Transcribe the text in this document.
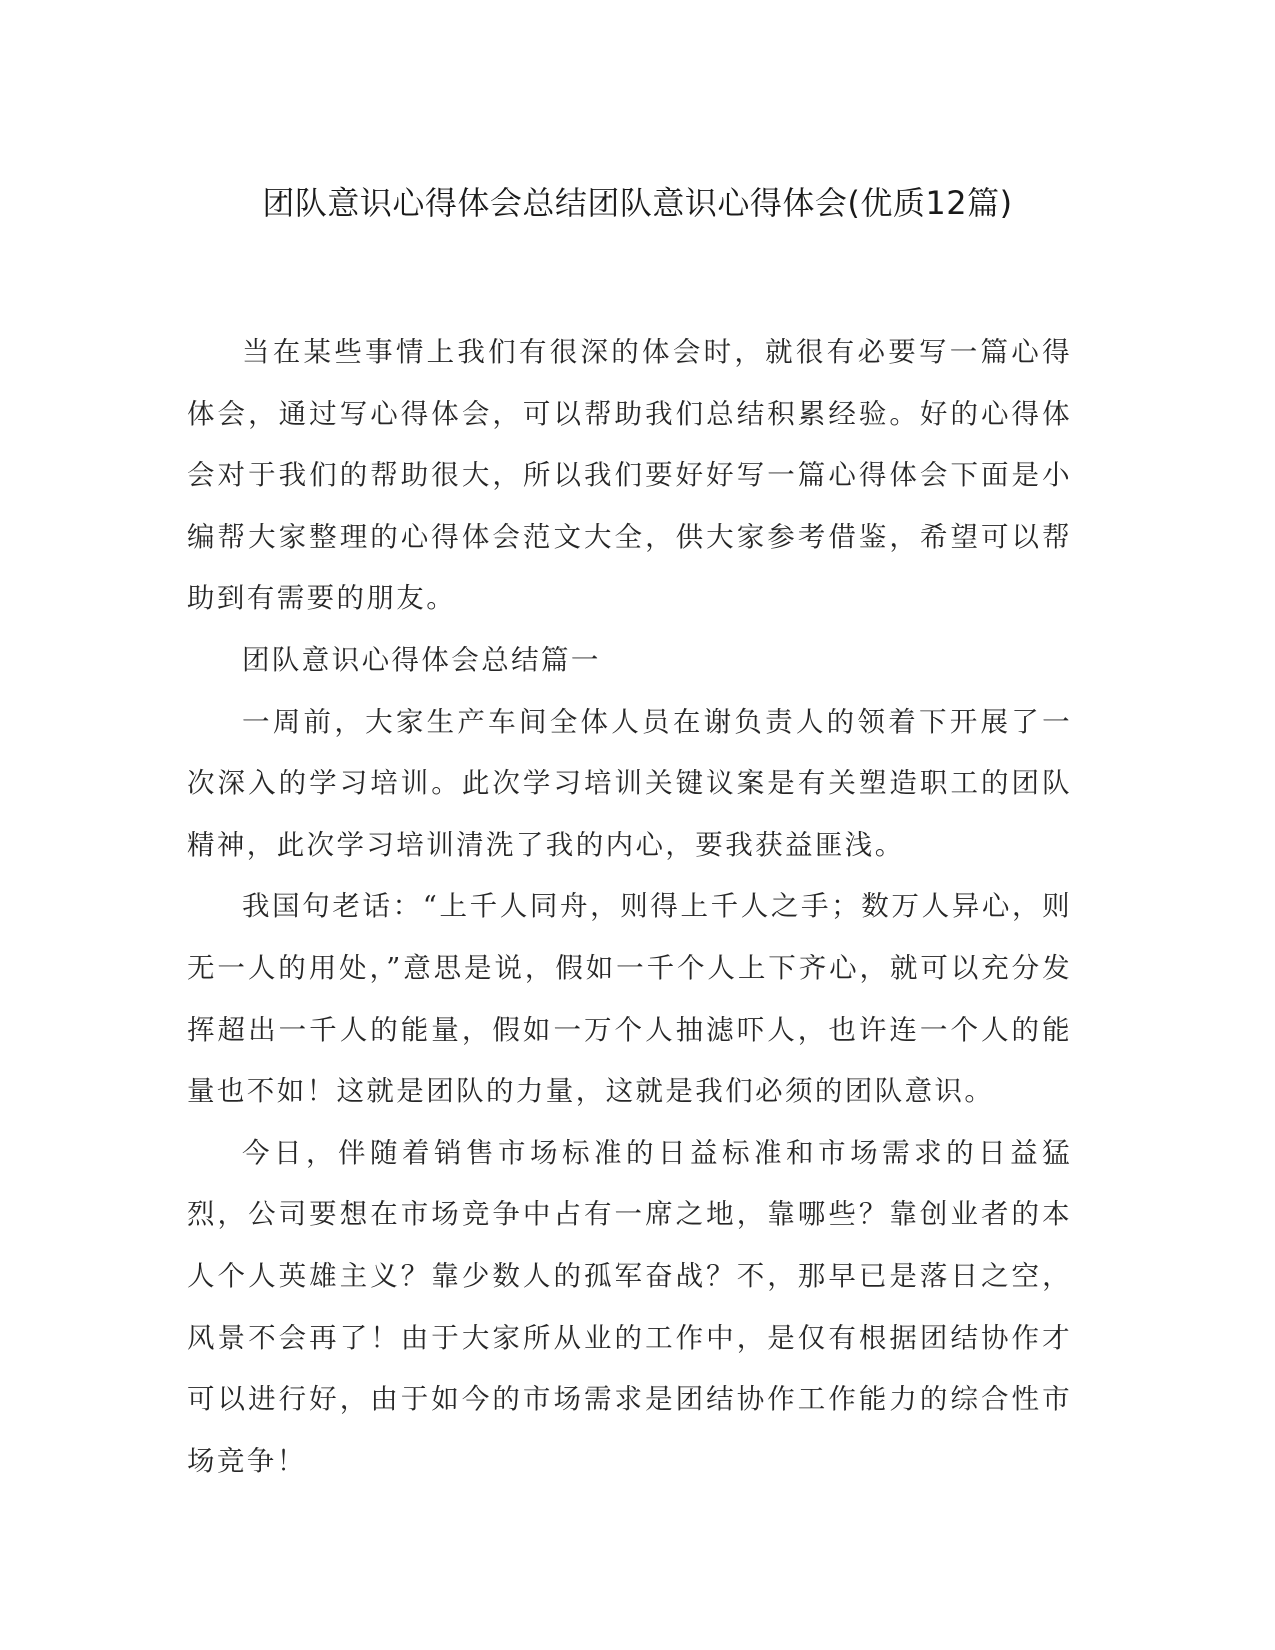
团队意识心得体会总结团队意识心得体会(优质12篇)

当在某些事情上我们有很深的体会时，就很有必要写一篇心得体会，通过写心得体会，可以帮助我们总结积累经验。好的心得体会对于我们的帮助很大，所以我们要好好写一篇心得体会下面是小编帮大家整理的心得体会范文大全，供大家参考借鉴，希望可以帮助到有需要的朋友。

团队意识心得体会总结篇一

一周前，大家生产车间全体人员在谢负责人的领着下开展了一次深入的学习培训。此次学习培训关键议案是有关塑造职工的团队精神，此次学习培训清洗了我的内心，要我获益匪浅。

我国句老话：“上千人同舟，则得上千人之手；数万人异心，则无一人的用处，”意思是说，假如一千个人上下齐心，就可以充分发挥超出一千人的能量，假如一万个人抽滤吓人，也许连一个人的能量也不如！这就是团队的力量，这就是我们必须的团队意识。

今日，伴随着销售市场标准的日益标准和市场需求的日益猛烈，公司要想在市场竞争中占有一席之地，靠哪些？靠创业者的本人个人英雄主义？靠少数人的孤军奋战？不，那早已是落日之空，风景不会再了！由于大家所从业的工作中，是仅有根据团结协作才可以进行好，由于如今的市场需求是团结协作工作能力的综合性市场竞争！
